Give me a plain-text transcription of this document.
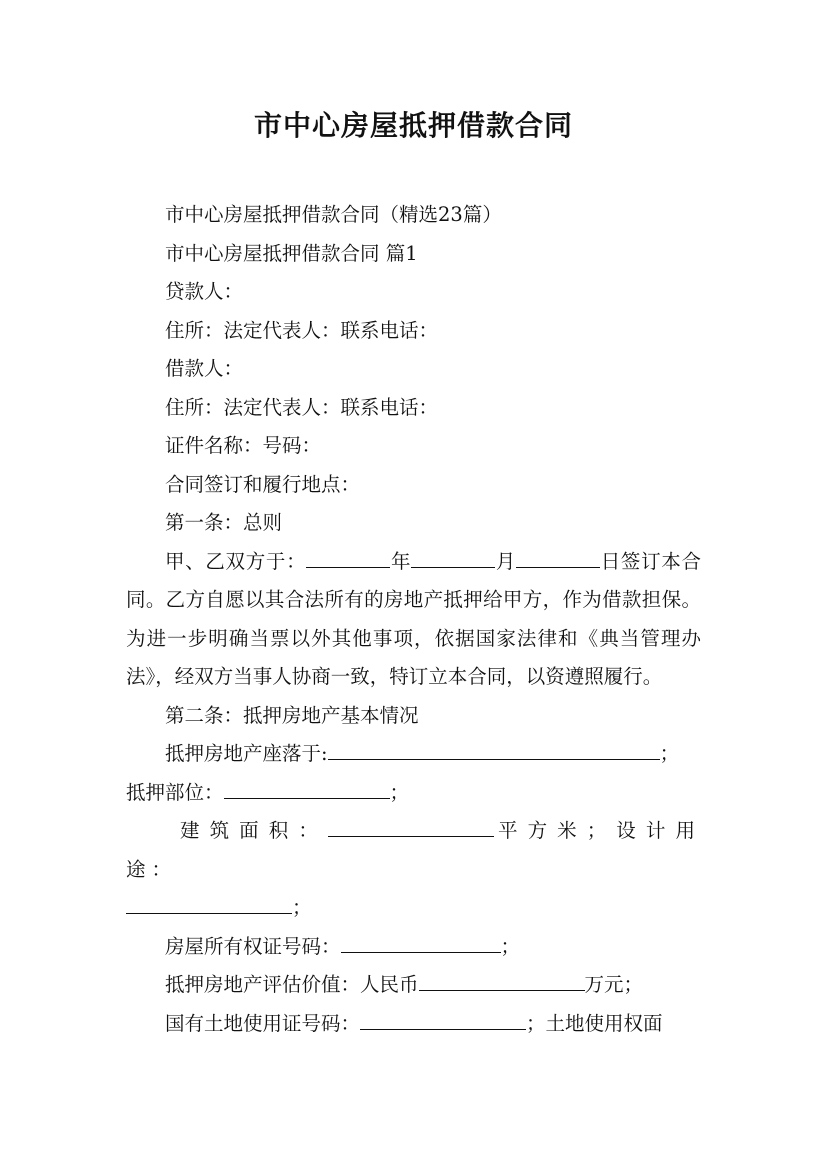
市中心房屋抵押借款合同

市中心房屋抵押借款合同（精选23篇）

市中心房屋抵押借款合同 篇1

贷款人：

住所：法定代表人：联系电话：

借款人：

住所：法定代表人：联系电话：

证件名称：号码：

合同签订和履行地点：

第一条：总则

甲、乙双方于：	年	月	日签订本合同。乙方自愿以其合法所有的房地产抵押给甲方，作为借款担保。为进一步明确当票以外其他事项，依据国家法律和《典当管理办法》，经双方当事人协商一致，特订立本合同，以资遵照履行。

第二条：抵押房地产基本情况

抵押房地产座落于:	；

抵押部位：	；

建筑面积：	平方米；设计用途：

；

房屋所有权证号码：	；

抵押房地产评估价值：人民币	万元；

国有土地使用证号码：	；土地使用权面
